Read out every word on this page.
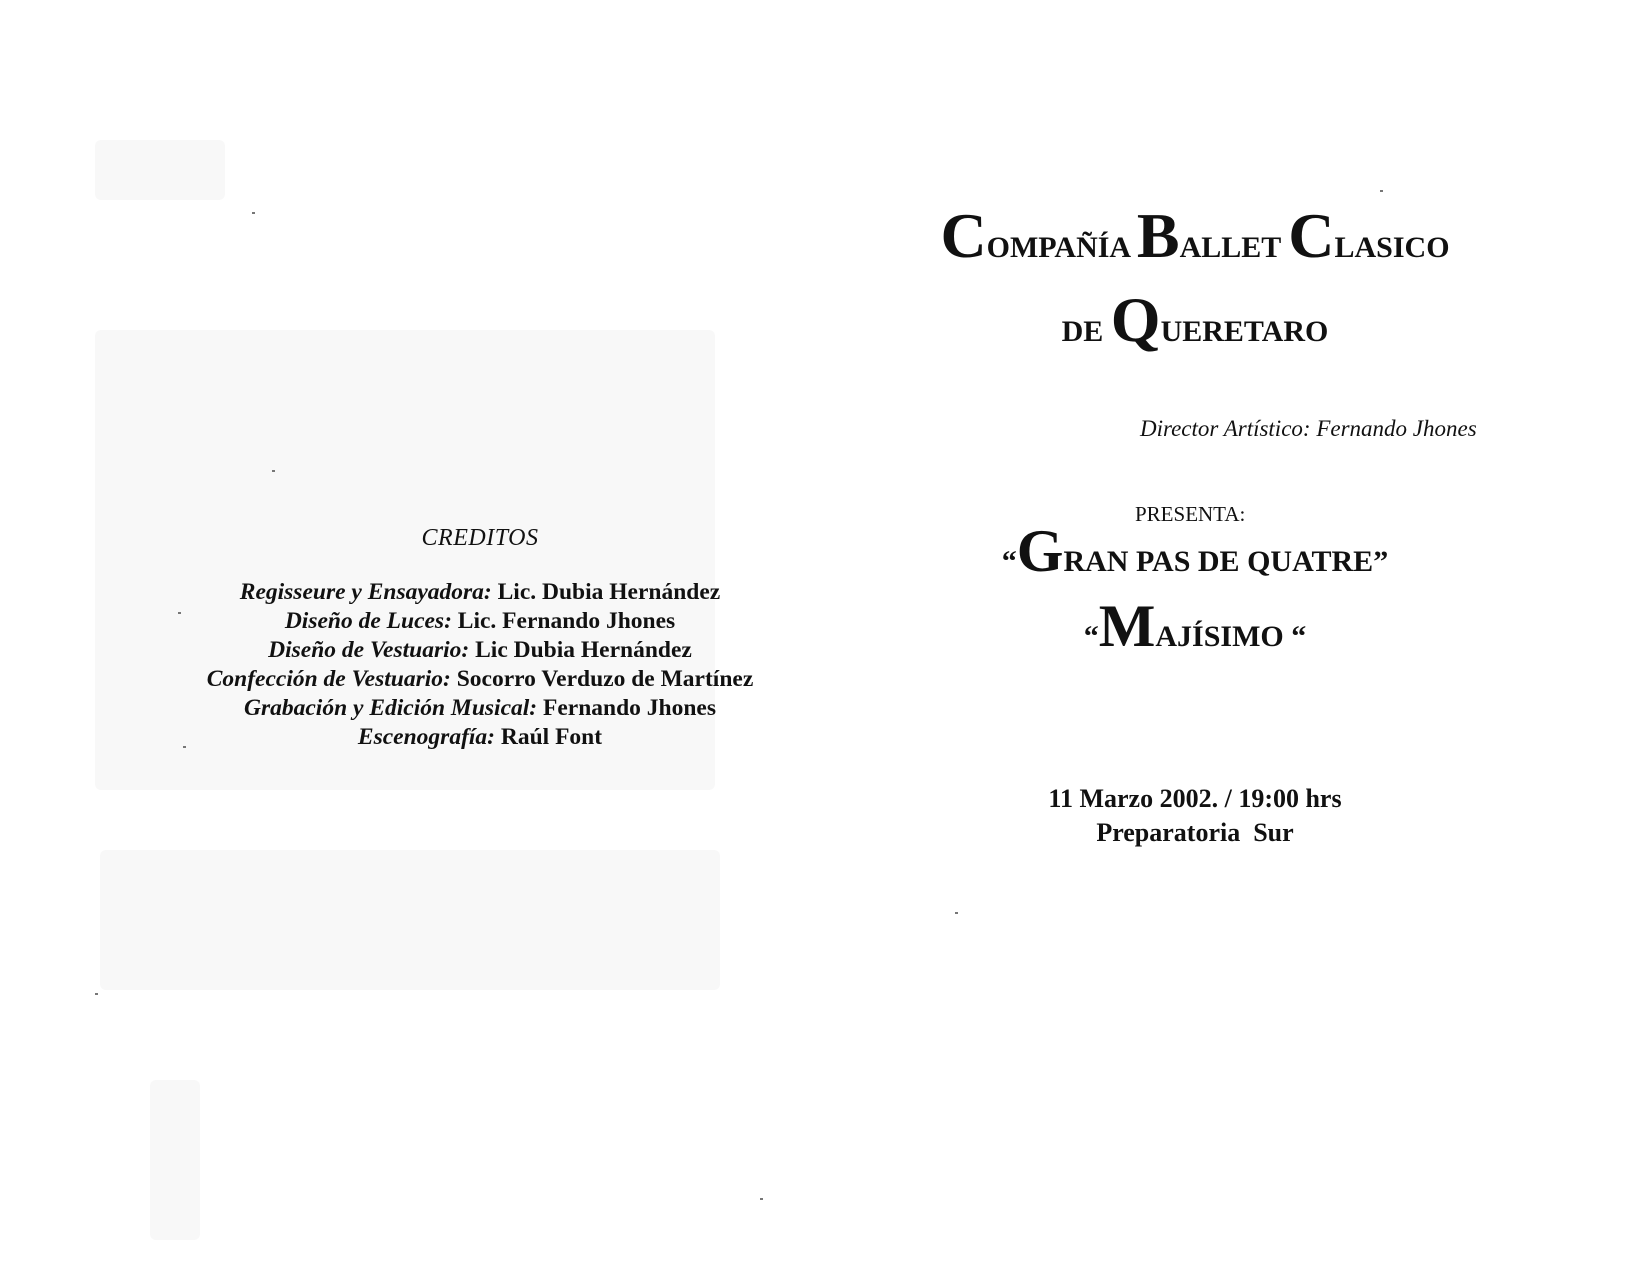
CREDITOS
Regisseure y Ensayadora: Lic. Dubia Hernández
Diseño de Luces: Lic. Fernando Jhones
Diseño de Vestuario: Lic Dubia Hernández
Confección de Vestuario: Socorro Verduzo de Martínez
Grabación y Edición Musical: Fernando Jhones
Escenografía: Raúl Font
COMPAÑÍA BALLET CLASICO
DE QUERETARO
Director Artístico: Fernando Jhones
PRESENTA:
“GRAN PAS DE QUATRE”
“MAJÍSIMO “
11 Marzo 2002. / 19:00 hrs
Preparatoria  Sur
